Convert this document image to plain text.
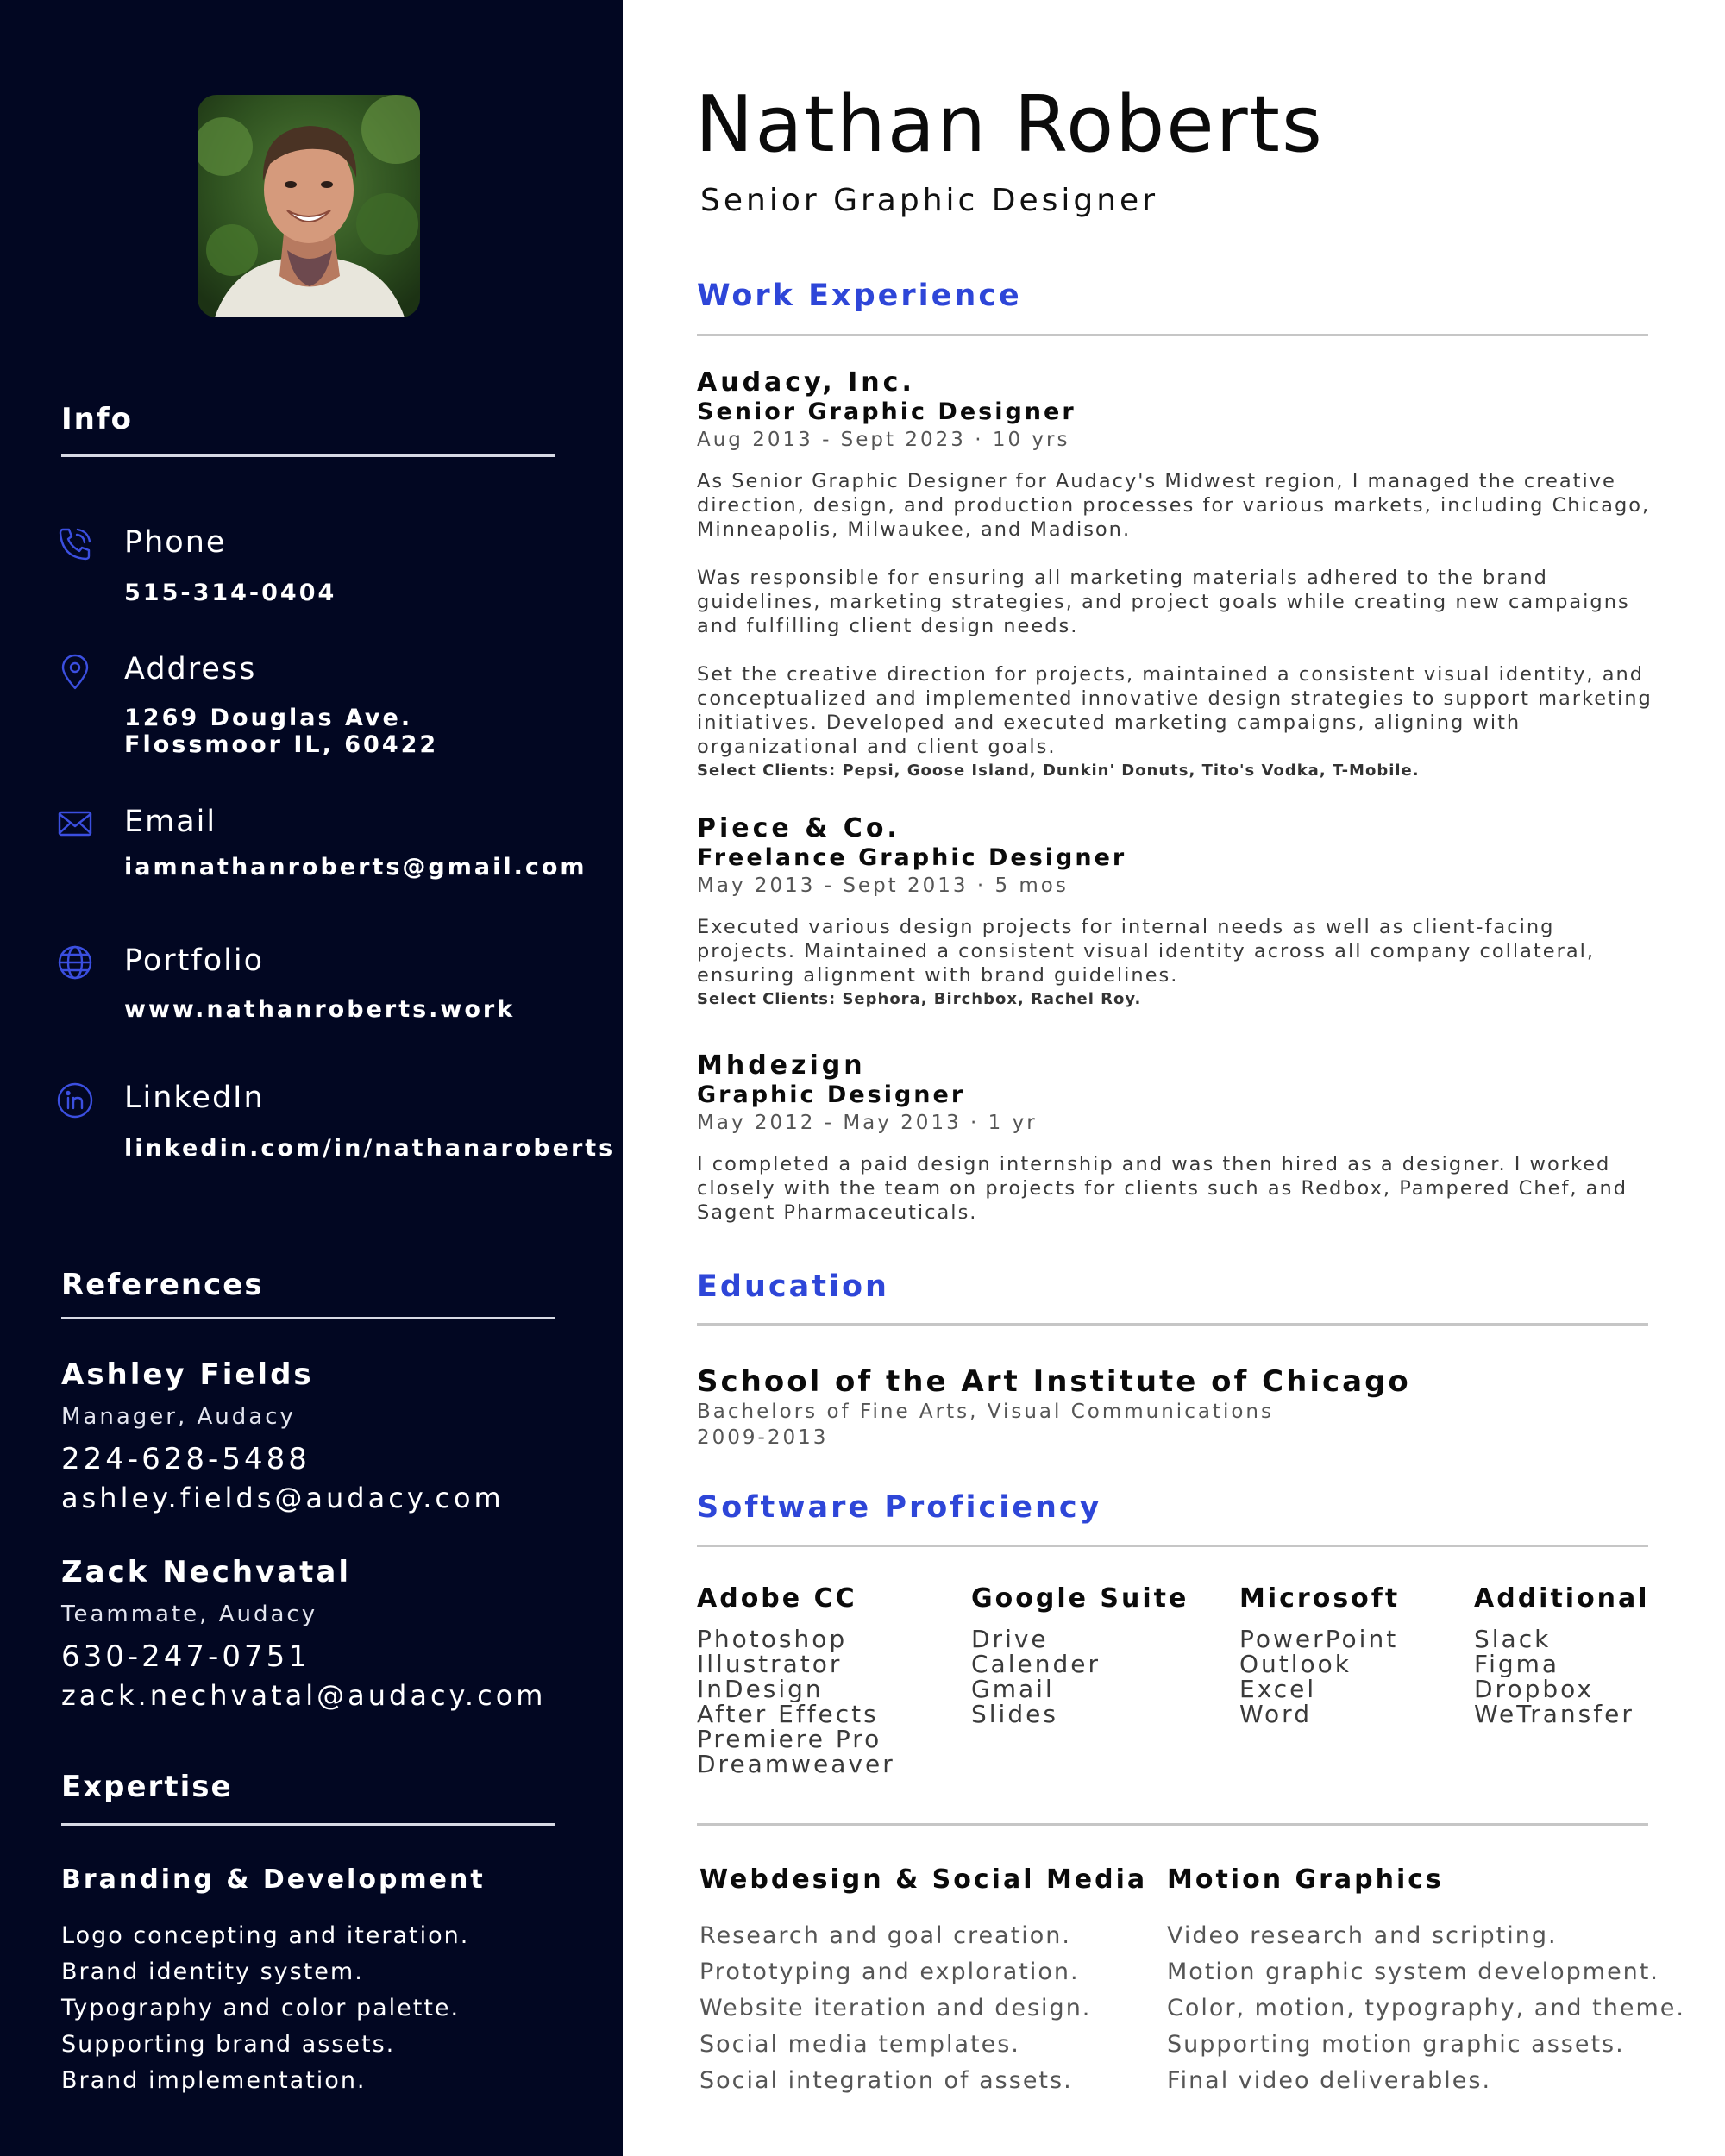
Info
Phone
515-314-0404
Address
1269 Douglas Ave.
Flossmoor IL, 60422
Email
iamnathanroberts@gmail.com
Portfolio
www.nathanroberts.work
LinkedIn
linkedin.com/in/nathanaroberts
References
Ashley Fields
Manager, Audacy
224-628-5488
ashley.fields@audacy.com
Zack Nechvatal
Teammate, Audacy
630-247-0751
zack.nechvatal@audacy.com
Expertise
Branding & Development
Logo concepting and iteration.
Brand identity system.
Typography and color palette.
Supporting brand assets.
Brand implementation.
Nathan Roberts
Senior Graphic Designer
Work Experience
Audacy, Inc.
Senior Graphic Designer
Aug 2013 - Sept 2023 · 10 yrs
As Senior Graphic Designer for Audacy's Midwest region, I managed the creative direction, design, and production processes for various markets, including Chicago, Minneapolis, Milwaukee, and Madison.
Was responsible for ensuring all marketing materials adhered to the brand guidelines, marketing strategies, and project goals while creating new campaigns and fulfilling client design needs.
Set the creative direction for projects, maintained a consistent visual identity, and conceptualized and implemented innovative design strategies to support marketing initiatives. Developed and executed marketing campaigns, aligning with organizational and client goals.
Select Clients: Pepsi, Goose Island, Dunkin' Donuts, Tito's Vodka, T-Mobile.
Piece & Co.
Freelance Graphic Designer
May 2013 - Sept 2013 · 5 mos
Executed various design projects for internal needs as well as client-facing projects. Maintained a consistent visual identity across all company collateral, ensuring alignment with brand guidelines.
Select Clients: Sephora, Birchbox, Rachel Roy.
Mhdezign
Graphic Designer
May 2012 - May 2013 · 1 yr
I completed a paid design internship and was then hired as a designer. I worked closely with the team on projects for clients such as Redbox, Pampered Chef, and Sagent Pharmaceuticals.
Education
School of the Art Institute of Chicago
Bachelors of Fine Arts, Visual Communications
2009-2013
Software Proficiency
Adobe CC
Photoshop
Illustrator
InDesign
After Effects
Premiere Pro
Dreamweaver
Google Suite
Drive
Calender
Gmail
Slides
Microsoft
PowerPoint
Outlook
Excel
Word
Additional
Slack
Figma
Dropbox
WeTransfer
Webdesign & Social Media
Research and goal creation.
Prototyping and exploration.
Website iteration and design.
Social media templates.
Social integration of assets.
Motion Graphics
Video research and scripting.
Motion graphic system development.
Color, motion, typography, and theme.
Supporting motion graphic assets.
Final video deliverables.
